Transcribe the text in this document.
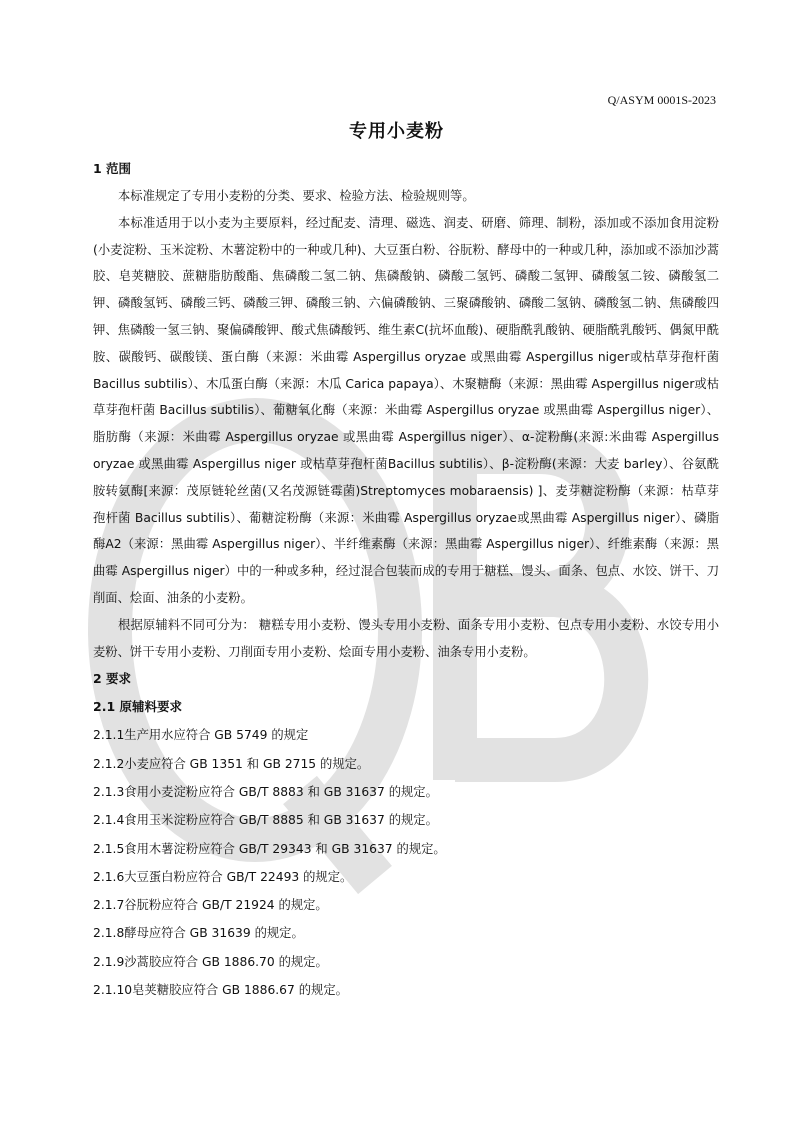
Q/ASYM 0001S-2023
专用小麦粉
1 范围

本标准规定了专用小麦粉的分类、要求、检验方法、检验规则等。

本标准适用于以小麦为主要原料，经过配麦、清理、磁选、润麦、研磨、筛理、制粉，添加或不添加食用淀粉(小麦淀粉、玉米淀粉、木薯淀粉中的一种或几种)、大豆蛋白粉、谷朊粉、酵母中的一种或几种，添加或不添加沙蒿胶、皂荚糖胶、蔗糖脂肪酸酯、焦磷酸二氢二钠、焦磷酸钠、磷酸二氢钙、磷酸二氢钾、磷酸氢二铵、磷酸氢二钾、磷酸氢钙、磷酸三钙、磷酸三钾、磷酸三钠、六偏磷酸钠、三聚磷酸钠、磷酸二氢钠、磷酸氢二钠、焦磷酸四钾、焦磷酸一氢三钠、聚偏磷酸钾、酸式焦磷酸钙、维生素C(抗坏血酸)、硬脂酰乳酸钠、硬脂酰乳酸钙、偶氮甲酰胺、碳酸钙、碳酸镁、蛋白酶（来源：米曲霉 Aspergillus oryzae 或黑曲霉 Aspergillus niger或枯草芽孢杆菌 Bacillus subtilis）、木瓜蛋白酶（来源：木瓜 Carica papaya）、木聚糖酶（来源：黑曲霉 Aspergillus niger或枯草芽孢杆菌 Bacillus subtilis）、葡糖氧化酶（来源：米曲霉 Aspergillus oryzae 或黑曲霉 Aspergillus niger）、脂肪酶（来源：米曲霉 Aspergillus oryzae 或黑曲霉 Aspergillus niger）、α-淀粉酶(来源:米曲霉 Aspergillus oryzae 或黑曲霉 Aspergillus niger 或枯草芽孢杆菌Bacillus subtilis）、β-淀粉酶(来源：大麦 barley）、谷氨酰胺转氨酶[来源：茂原链轮丝菌(又名茂源链霉菌)Streptomyces mobaraensis) ]、麦芽糖淀粉酶（来源：枯草芽孢杆菌 Bacillus subtilis）、葡糖淀粉酶（来源：米曲霉 Aspergillus oryzae或黑曲霉 Aspergillus niger）、磷脂酶A2（来源：黑曲霉 Aspergillus niger）、半纤维素酶（来源：黑曲霉 Aspergillus niger）、纤维素酶（来源：黑曲霉 Aspergillus niger）中的一种或多种，经过混合包装而成的专用于糖糕、馒头、面条、包点、水饺、饼干、刀削面、烩面、油条的小麦粉。

根据原辅料不同可分为： 糖糕专用小麦粉、馒头专用小麦粉、面条专用小麦粉、包点专用小麦粉、水饺专用小麦粉、饼干专用小麦粉、刀削面专用小麦粉、烩面专用小麦粉、油条专用小麦粉。

2 要求
2.1 原辅料要求
2.1.1生产用水应符合 GB 5749 的规定
2.1.2小麦应符合 GB 1351 和 GB 2715 的规定。
2.1.3食用小麦淀粉应符合 GB/T 8883 和 GB 31637 的规定。
2.1.4食用玉米淀粉应符合 GB/T 8885 和 GB 31637 的规定。
2.1.5食用木薯淀粉应符合 GB/T 29343 和 GB 31637 的规定。
2.1.6大豆蛋白粉应符合 GB/T 22493 的规定。
2.1.7谷朊粉应符合 GB/T 21924 的规定。
2.1.8酵母应符合 GB 31639 的规定。
2.1.9沙蒿胶应符合 GB 1886.70 的规定。
2.1.10皂荚糖胶应符合 GB 1886.67 的规定。
